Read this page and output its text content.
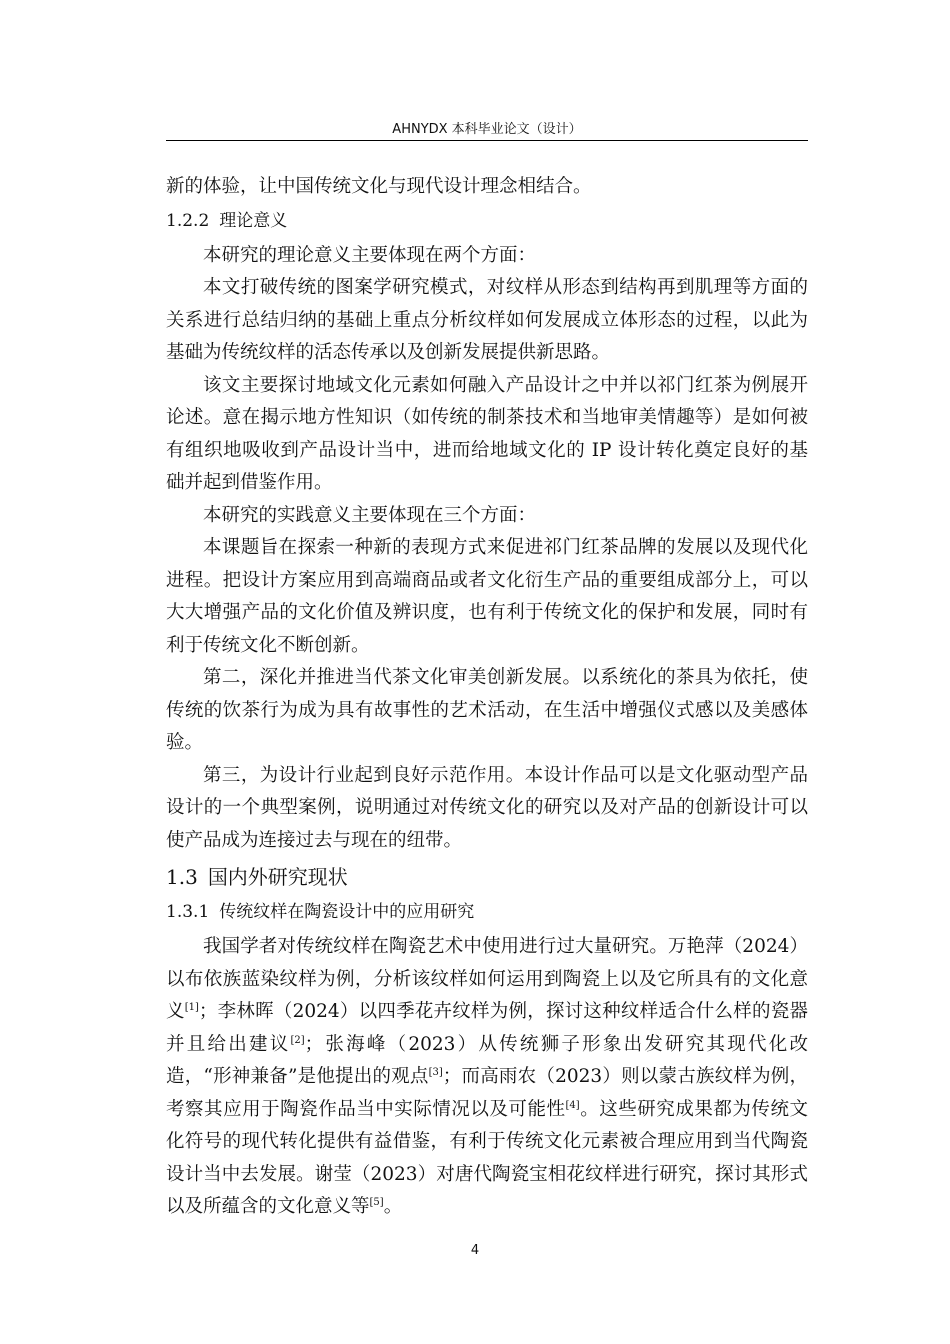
AHNYDX 本科毕业论文（设计）

新的体验，让中国传统文化与现代设计理念相结合。

1.2.2 理论意义

本研究的理论意义主要体现在两个方面：

本文打破传统的图案学研究模式，对纹样从形态到结构再到肌理等方面的关系进行总结归纳的基础上重点分析纹样如何发展成立体形态的过程，以此为基础为传统纹样的活态传承以及创新发展提供新思路。

该文主要探讨地域文化元素如何融入产品设计之中并以祁门红茶为例展开论述。意在揭示地方性知识（如传统的制茶技术和当地审美情趣等）是如何被有组织地吸收到产品设计当中，进而给地域文化的 IP 设计转化奠定良好的基础并起到借鉴作用。

本研究的实践意义主要体现在三个方面：

本课题旨在探索一种新的表现方式来促进祁门红茶品牌的发展以及现代化进程。把设计方案应用到高端商品或者文化衍生产品的重要组成部分上，可以大大增强产品的文化价值及辨识度，也有利于传统文化的保护和发展，同时有利于传统文化不断创新。

第二，深化并推进当代茶文化审美创新发展。以系统化的茶具为依托，使传统的饮茶行为成为具有故事性的艺术活动，在生活中增强仪式感以及美感体验。

第三，为设计行业起到良好示范作用。本设计作品可以是文化驱动型产品设计的一个典型案例，说明通过对传统文化的研究以及对产品的创新设计可以使产品成为连接过去与现在的纽带。

1.3 国内外研究现状
1.3.1 传统纹样在陶瓷设计中的应用研究

我国学者对传统纹样在陶瓷艺术中使用进行过大量研究。万艳萍（2024）以布依族蓝染纹样为例，分析该纹样如何运用到陶瓷上以及它所具有的文化意义[1]；李林晖（2024）以四季花卉纹样为例，探讨这种纹样适合什么样的瓷器并且给出建议[2]；张海峰（2023）从传统狮子形象出发研究其现代化改造，“形神兼备”是他提出的观点[3]；而高雨农（2023）则以蒙古族纹样为例，考察其应用于陶瓷作品当中实际情况以及可能性[4]。这些研究成果都为传统文化符号的现代转化提供有益借鉴，有利于传统文化元素被合理应用到当代陶瓷设计当中去发展。谢莹（2023）对唐代陶瓷宝相花纹样进行研究，探讨其形式以及所蕴含的文化意义等[5]。

4
